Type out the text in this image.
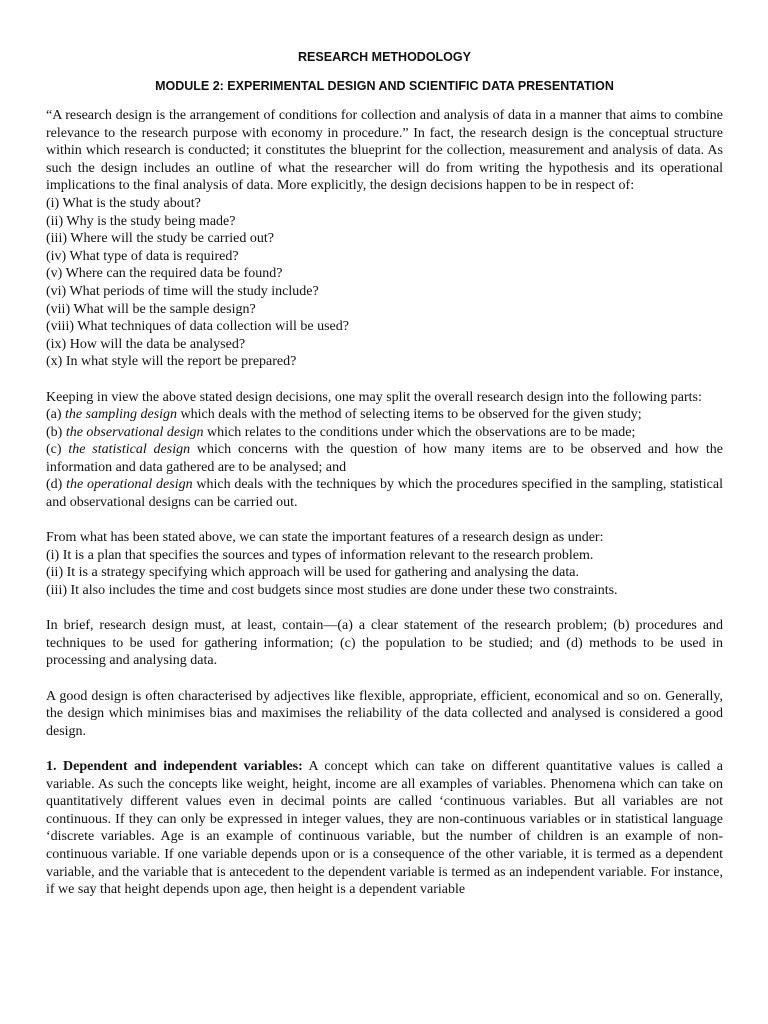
RESEARCH METHODOLOGY

MODULE 2: EXPERIMENTAL DESIGN AND SCIENTIFIC DATA PRESENTATION

“A research design is the arrangement of conditions for collection and analysis of data in a manner that aims to combine relevance to the research purpose with economy in procedure.” In fact, the research design is the conceptual structure within which research is conducted; it constitutes the blueprint for the collection, measurement and analysis of data. As such the design includes an outline of what the researcher will do from writing the hypothesis and its operational implications to the final analysis of data. More explicitly, the design decisions happen to be in respect of:

(i) What is the study about?

(ii) Why is the study being made?

(iii) Where will the study be carried out?

(iv) What type of data is required?

(v) Where can the required data be found?

(vi) What periods of time will the study include?

(vii) What will be the sample design?

(viii) What techniques of data collection will be used?

(ix) How will the data be analysed?

(x) In what style will the report be prepared?

Keeping in view the above stated design decisions, one may split the overall research design into the following parts:

(a) the sampling design which deals with the method of selecting items to be observed for the given study;

(b) the observational design which relates to the conditions under which the observations are to be made;

(c) the statistical design which concerns with the question of how many items are to be observed and how the information and data gathered are to be analysed; and

(d) the operational design which deals with the techniques by which the procedures specified in the sampling, statistical and observational designs can be carried out.

From what has been stated above, we can state the important features of a research design as under:

(i) It is a plan that specifies the sources and types of information relevant to the research problem.

(ii) It is a strategy specifying which approach will be used for gathering and analysing the data.

(iii) It also includes the time and cost budgets since most studies are done under these two constraints.

In brief, research design must, at least, contain—(a) a clear statement of the research problem; (b) procedures and techniques to be used for gathering information; (c) the population to be studied; and (d) methods to be used in processing and analysing data.

A good design is often characterised by adjectives like flexible, appropriate, efficient, economical and so on. Generally, the design which minimises bias and maximises the reliability of the data collected and analysed is considered a good design.

1. Dependent and independent variables: A concept which can take on different quantitative values is called a variable. As such the concepts like weight, height, income are all examples of variables. Phenomena which can take on quantitatively different values even in decimal points are called ‘continuous variables. But all variables are not continuous. If they can only be expressed in integer values, they are non-continuous variables or in statistical language ‘discrete variables. Age is an example of continuous variable, but the number of children is an example of non-continuous variable. If one variable depends upon or is a consequence of the other variable, it is termed as a dependent variable, and the variable that is antecedent to the dependent variable is termed as an independent variable. For instance, if we say that height depends upon age, then height is a dependent variable
